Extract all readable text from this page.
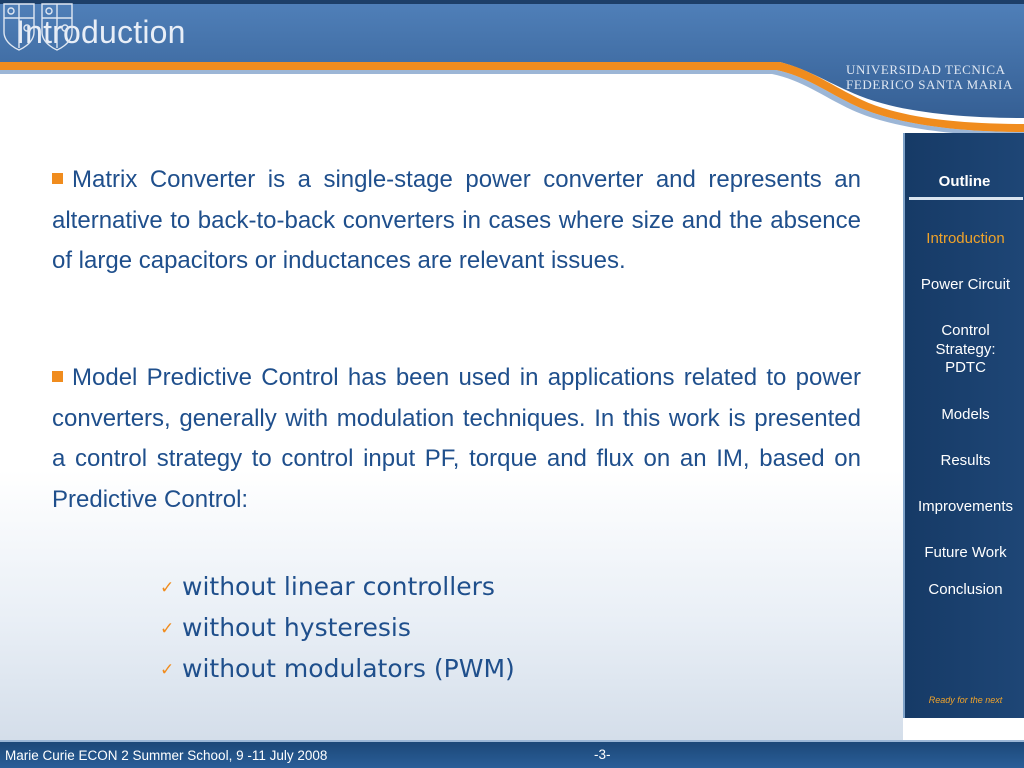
Introduction
UNIVERSIDAD TECNICA
FEDERICO SANTA MARIA
Matrix Converter is a single-stage power converter and represents an alternative to back-to-back converters in cases where size and the absence of large capacitors or inductances are relevant issues.
Model Predictive Control has been used in applications related to power converters, generally with modulation techniques. In this work is presented a control strategy to control input PF, torque and flux on an IM, based on Predictive Control:
✓ without linear controllers
✓ without hysteresis
✓ without modulators (PWM)
Outline
Introduction
Power Circuit
Control Strategy: PDTC
Models
Results
Improvements
Future Work
Conclusion
Ready for the next
Marie Curie ECON 2 Summer School, 9 -11 July 2008	-3-
